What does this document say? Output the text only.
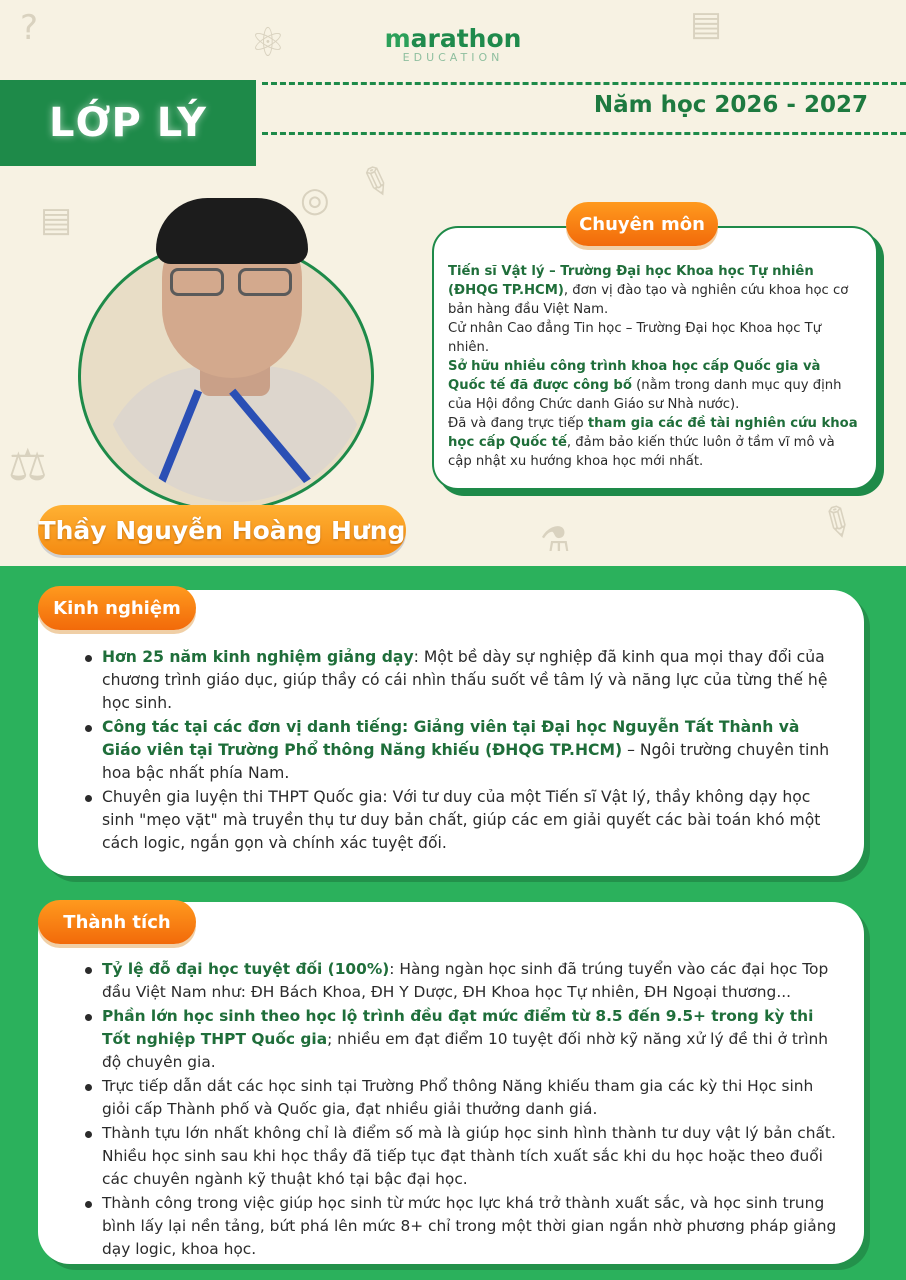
⚛
✎
✎
⚖
◎
▤
⚗
?	▤
marathon
EDUCATION
LỚP LÝ	Năm học 2026 - 2027
Thầy Nguyễn Hoàng Hưng

Tiến sĩ Vật lý – Trường Đại học Khoa học Tự nhiên (ĐHQG TP.HCM), đơn vị đào tạo và nghiên cứu khoa học cơ bản hàng đầu Việt Nam.

Cử nhân Cao đẳng Tin học – Trường Đại học Khoa học Tự nhiên.

Sở hữu nhiều công trình khoa học cấp Quốc gia và Quốc tế đã được công bố (nằm trong danh mục quy định của Hội đồng Chức danh Giáo sư Nhà nước).

Đã và đang trực tiếp tham gia các đề tài nghiên cứu khoa học cấp Quốc tế, đảm bảo kiến thức luôn ở tầm vĩ mô và cập nhật xu hướng khoa học mới nhất.

Chuyên môn
Hơn 25 năm kinh nghiệm giảng dạy: Một bề dày sự nghiệp đã kinh qua mọi thay đổi của chương trình giáo dục, giúp thầy có cái nhìn thấu suốt về tâm lý và năng lực của từng thế hệ học sinh.
Công tác tại các đơn vị danh tiếng: Giảng viên tại Đại học Nguyễn Tất Thành và Giáo viên tại Trường Phổ thông Năng khiếu (ĐHQG TP.HCM) – Ngôi trường chuyên tinh hoa bậc nhất phía Nam.
Chuyên gia luyện thi THPT Quốc gia: Với tư duy của một Tiến sĩ Vật lý, thầy không dạy học sinh "mẹo vặt" mà truyền thụ tư duy bản chất, giúp các em giải quyết các bài toán khó một cách logic, ngắn gọn và chính xác tuyệt đối.
Kinh nghiệm
Tỷ lệ đỗ đại học tuyệt đối (100%): Hàng ngàn học sinh đã trúng tuyển vào các đại học Top đầu Việt Nam như: ĐH Bách Khoa, ĐH Y Dược, ĐH Khoa học Tự nhiên, ĐH Ngoại thương...
Phần lớn học sinh theo học lộ trình đều đạt mức điểm từ 8.5 đến 9.5+ trong kỳ thi Tốt nghiệp THPT Quốc gia; nhiều em đạt điểm 10 tuyệt đối nhờ kỹ năng xử lý đề thi ở trình độ chuyên gia.
Trực tiếp dẫn dắt các học sinh tại Trường Phổ thông Năng khiếu tham gia các kỳ thi Học sinh giỏi cấp Thành phố và Quốc gia, đạt nhiều giải thưởng danh giá.
Thành tựu lớn nhất không chỉ là điểm số mà là giúp học sinh hình thành tư duy vật lý bản chất. Nhiều học sinh sau khi học thầy đã tiếp tục đạt thành tích xuất sắc khi du học hoặc theo đuổi các chuyên ngành kỹ thuật khó tại bậc đại học.
Thành công trong việc giúp học sinh từ mức học lực khá trở thành xuất sắc, và học sinh trung bình lấy lại nền tảng, bứt phá lên mức 8+ chỉ trong một thời gian ngắn nhờ phương pháp giảng dạy logic, khoa học.
Thành tích
